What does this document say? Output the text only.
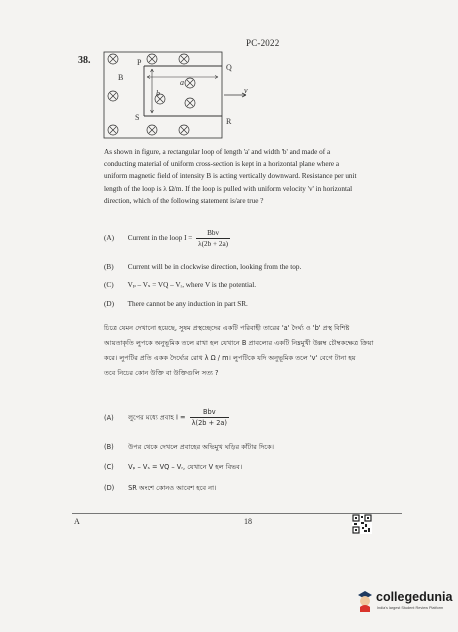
PC-2022
38.	P
Q
R
S
B
a
b	v
As shown in figure, a rectangular loop of length 'a' and width 'b' and made of a
conducting material of uniform cross-section is kept in a horizontal plane where a
uniform magnetic field of intensity B is acting vertically downward. Resistance per unit
length of the loop is λ Ω/m. If the loop is pulled with uniform velocity 'v' in horizontal
direction, which of the following statement is/are true ?
(A) Current in the loop $I = \frac{\text{Bbv}}{\lambda(2b + 2a)}$
(B) Current will be in clockwise direction, looking from the top.
(C) Vₚ – Vₛ = VQ – Vᵣ, where V is the potential.
(D) There cannot be any induction in part SR.
চিত্রে যেমন দেখানো হয়েছে, সুষম প্রস্থচ্ছেদের একটি পরিবাহী তারের 'a' দৈর্ঘ্য ও 'b' প্রস্থ বিশিষ্ট
আয়তাকৃতি লুপকে অনুভূমিক তলে রাখা হল যেখানে B প্রাবল্যের একটি নিম্নমুখী উল্লম্ব চৌম্বকক্ষেত্র ক্রিয়া
করে। লুপটির প্রতি একক দৈর্ঘ্যের রোধ λ Ω / m। লুপটিকে যদি অনুভূমিক তলে 'v' বেগে টানা হয়
তবে নিচের কোন উক্তি বা উক্তিগুলি সত্য ?
(A) লুপের মধ্যে প্রবাহ $I = \frac{\text{Bbv}}{\lambda(2b + 2a)}$
(B) উপর থেকে দেখলে প্রবাহের অভিমুখ ঘড়ির কাঁটার দিকে।
(C) Vₚ – Vₛ = VQ – Vᵣ, যেখানে V হল বিভব।
(D) SR অংশে কোনও আবেশ হবে না।
A	18
collegedunia
India's largest Student Review Platform
